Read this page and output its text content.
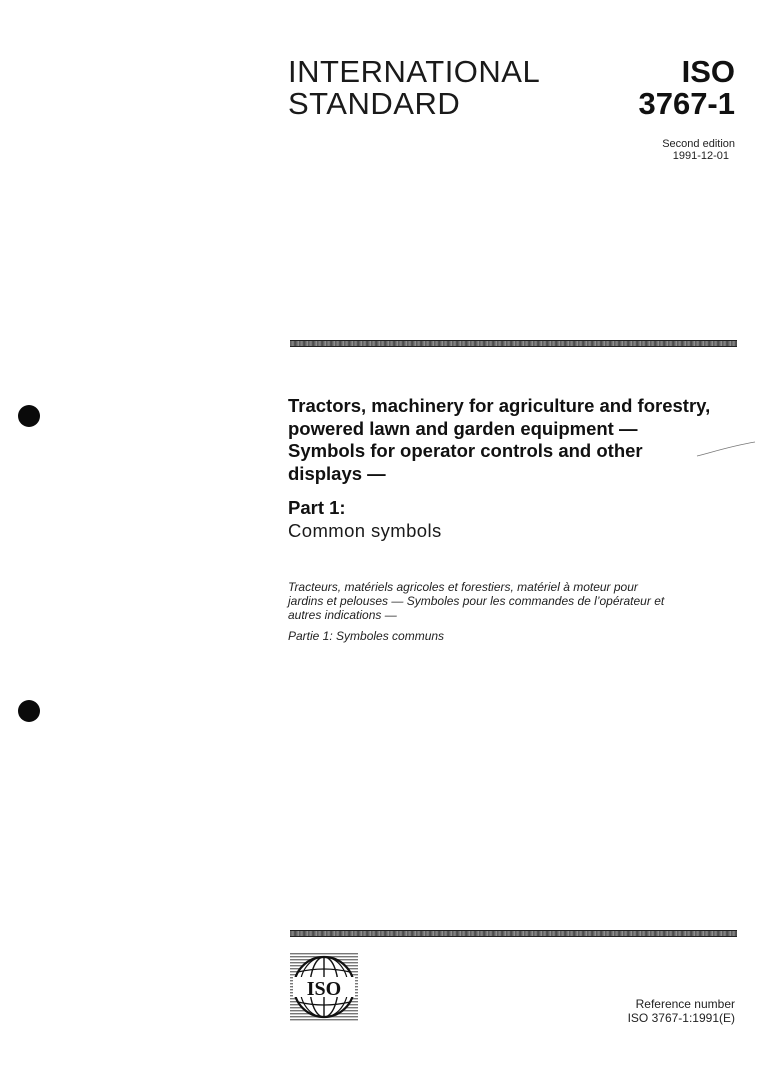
INTERNATIONAL
STANDARD
ISO
3767-1
Second edition
1991-12-01
Tractors, machinery for agriculture and forestry,
powered lawn and garden equipment —
Symbols for operator controls and other
displays —
Part 1:
Common symbols
Tracteurs, matériels agricoles et forestiers, matériel à moteur pour
jardins et pelouses — Symboles pour les commandes de l’opérateur et
autres indications —
Partie 1: Symboles communs
ISO
Reference number
ISO 3767-1:1991(E)
